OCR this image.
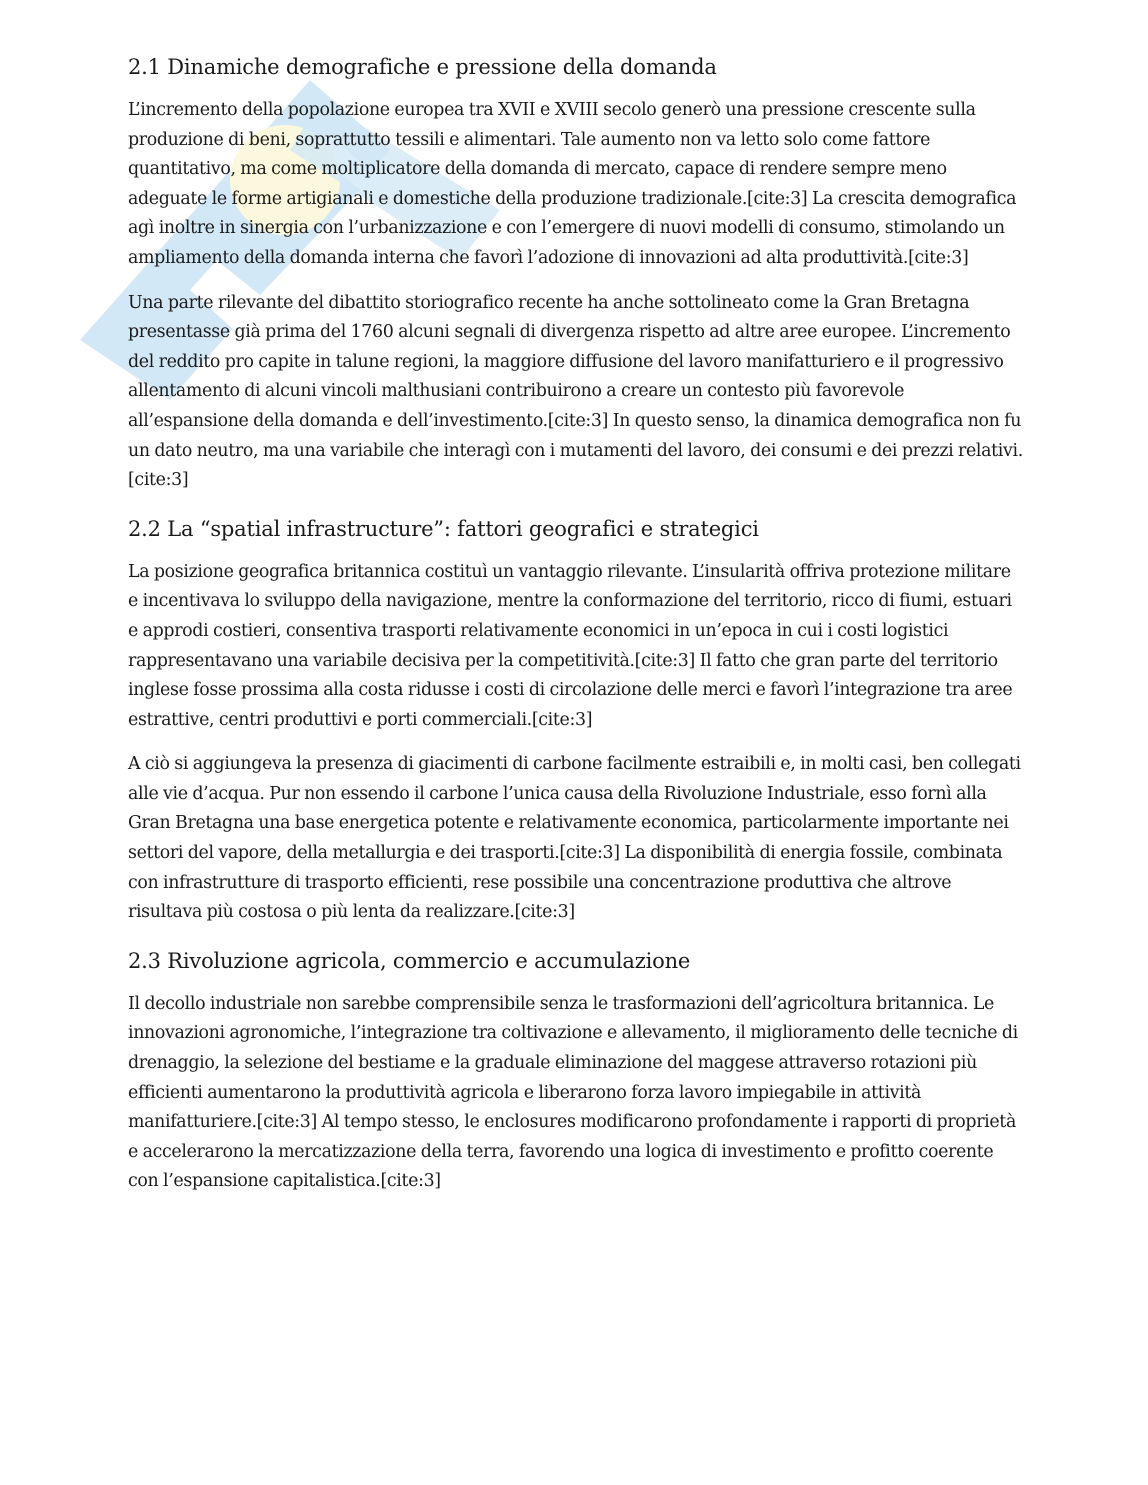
2.1 Dinamiche demografiche e pressione della domanda

L’incremento della popolazione europea tra XVII e XVIII secolo generò una pressione crescente sulla produzione di beni, soprattutto tessili e alimentari. Tale aumento non va letto solo come fattore quantitativo, ma come moltiplicatore della domanda di mercato, capace di rendere sempre meno adeguate le forme artigianali e domestiche della produzione tradizionale.[cite:3] La crescita demografica agì inoltre in sinergia con l’urbanizzazione e con l’emergere di nuovi modelli di consumo, stimolando un ampliamento della domanda interna che favorì l’adozione di innovazioni ad alta produttività.[cite:3]

Una parte rilevante del dibattito storiografico recente ha anche sottolineato come la Gran Bretagna presentasse già prima del 1760 alcuni segnali di divergenza rispetto ad altre aree europee. L’incremento del reddito pro capite in talune regioni, la maggiore diffusione del lavoro manifatturiero e il progressivo allentamento di alcuni vincoli malthusiani contribuirono a creare un contesto più favorevole all’espansione della domanda e dell’investimento.[cite:3] In questo senso, la dinamica demografica non fu un dato neutro, ma una variabile che interagì con i mutamenti del lavoro, dei consumi e dei prezzi relativi.[cite:3]

2.2 La “spatial infrastructure”: fattori geografici e strategici

La posizione geografica britannica costituì un vantaggio rilevante. L’insularità offriva protezione militare e incentivava lo sviluppo della navigazione, mentre la conformazione del territorio, ricco di fiumi, estuari e approdi costieri, consentiva trasporti relativamente economici in un’epoca in cui i costi logistici rappresentavano una variabile decisiva per la competitività.[cite:3] Il fatto che gran parte del territorio inglese fosse prossima alla costa ridusse i costi di circolazione delle merci e favorì l’integrazione tra aree estrattive, centri produttivi e porti commerciali.[cite:3]

A ciò si aggiungeva la presenza di giacimenti di carbone facilmente estraibili e, in molti casi, ben collegati alle vie d’acqua. Pur non essendo il carbone l’unica causa della Rivoluzione Industriale, esso fornì alla Gran Bretagna una base energetica potente e relativamente economica, particolarmente importante nei settori del vapore, della metallurgia e dei trasporti.[cite:3] La disponibilità di energia fossile, combinata con infrastrutture di trasporto efficienti, rese possibile una concentrazione produttiva che altrove risultava più costosa o più lenta da realizzare.[cite:3]

2.3 Rivoluzione agricola, commercio e accumulazione

Il decollo industriale non sarebbe comprensibile senza le trasformazioni dell’agricoltura britannica. Le innovazioni agronomiche, l’integrazione tra coltivazione e allevamento, il miglioramento delle tecniche di drenaggio, la selezione del bestiame e la graduale eliminazione del maggese attraverso rotazioni più efficienti aumentarono la produttività agricola e liberarono forza lavoro impiegabile in attività manifatturiere.[cite:3] Al tempo stesso, le enclosures modificarono profondamente i rapporti di proprietà e accelerarono la mercatizzazione della terra, favorendo una logica di investimento e profitto coerente con l’espansione capitalistica.[cite:3]
